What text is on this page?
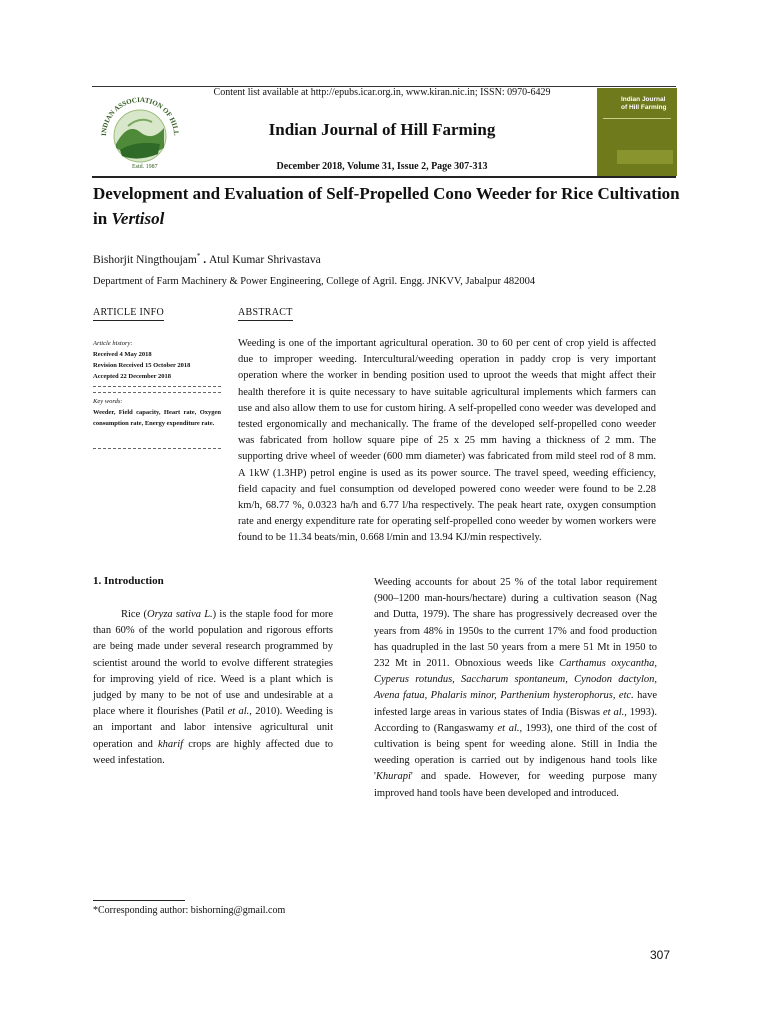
INDIAN ASSOCIATION OF HILL
Estd. 1987
Content list available at http://epubs.icar.org.in, www.kiran.nic.in; ISSN: 0970-6429
Indian Journal of Hill Farming
December 2018, Volume 31, Issue 2, Page 307-313
Indian Journal of Hill Farming
Development and Evaluation of Self-Propelled Cono Weeder for Rice Cultivation in Vertisol
Bishorjit Ningthoujam* . Atul Kumar Shrivastava
Department of Farm Machinery & Power Engineering, College of Agril. Engg. JNKVV, Jabalpur 482004
ARTICLE INFO
Article history:
Received 4 May 2018
Revision Received 15 October 2018
Accepted 22 December 2018
Key words:
Weeder, Field capacity, Heart rate, Oxygen consumption rate, Energy expenditure rate.
ABSTRACT
Weeding is one of the important agricultural operation. 30 to 60 per cent of crop yield is affected due to improper weeding. Intercultural/weeding operation in paddy crop is very important operation where the worker in bending position used to uproot the weeds that might affect their health therefore it is quite necessary to have suitable agricultural implements which farmers can use and also allow them to use for custom hiring. A self-propelled cono weeder was developed and tested ergonomically and mechanically. The frame of the developed self-propelled cono weeder was fabricated from hollow square pipe of 25 x 25 mm having a thickness of 2 mm. The supporting drive wheel of weeder (600 mm diameter) was fabricated from mild steel rod of 8 mm. A 1kW (1.3HP) petrol engine is used as its power source. The travel speed, weeding efficiency, field capacity and fuel consumption od developed powered cono weeder were found to be 2.28 km/h, 68.77 %, 0.0323 ha/h and 6.77 l/ha respectively. The peak heart rate, oxygen consumption rate and energy expenditure rate for operating self-propelled cono weeder by women workers were found to be 11.34 beats/min, 0.668 l/min and 13.94 KJ/min respectively.
1. Introduction
Rice (Oryza sativa L.) is the staple food for more than 60% of the world population and rigorous efforts are being made under several research programmed by scientist around the world to evolve different strategies for improving yield of rice. Weed is a plant which is judged by many to be not of use and undesirable at a place where it flourishes (Patil et al., 2010). Weeding is an important and labor intensive agricultural unit operation and kharif crops are highly affected due to weed infestation.
Weeding accounts for about 25 % of the total labor requirement (900–1200 man-hours/hectare) during a cultivation season (Nag and Dutta, 1979). The share has progressively decreased over the years from 48% in 1950s to the current 17% and food production has quadrupled in the last 50 years from a mere 51 Mt in 1950 to 232 Mt in 2011. Obnoxious weeds like Carthamus oxycantha, Cyperus rotundus, Saccharum spontaneum, Cynodon dactylon, Avena fatua, Phalaris minor, Parthenium hysterophorus, etc. have infested large areas in various states of India (Biswas et al., 1993). According to (Rangaswamy et al., 1993), one third of the cost of cultivation is being spent for weeding alone. Still in India the weeding operation is carried out by indigenous hand tools like 'Khurapi' and spade. However, for weeding purpose many improved hand tools have been developed and introduced.
*Corresponding author: bishorning@gmail.com
307
